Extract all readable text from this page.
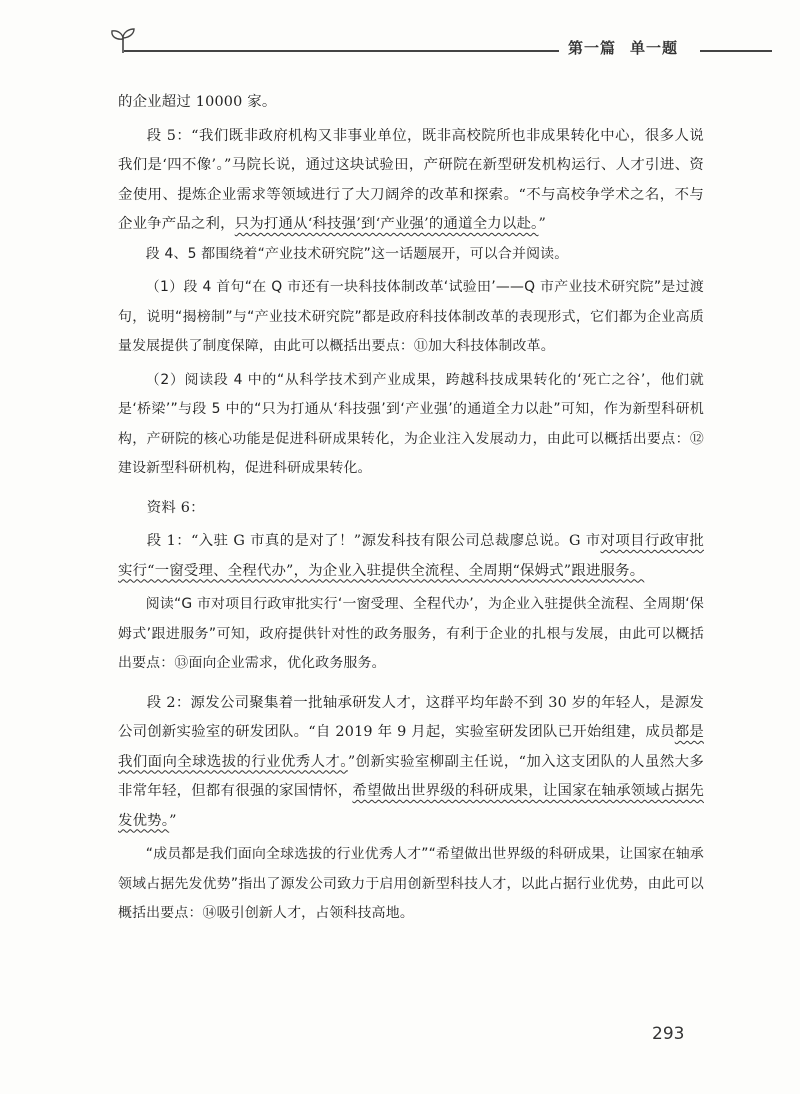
第一篇 单一题

的企业超过 10000 家。

段 5：“我们既非政府机构又非事业单位，既非高校院所也非成果转化中心，很多人说我们是‘四不像’。”马院长说，通过这块试验田，产研院在新型研发机构运行、人才引进、资金使用、提炼企业需求等领域进行了大刀阔斧的改革和探索。“不与高校争学术之名，不与企业争产品之利，只为打通从‘科技强’到‘产业强’的通道全力以赴。”

段 4、5 都围绕着“产业技术研究院”这一话题展开，可以合并阅读。

（1）段 4 首句“在 Q 市还有一块科技体制改革‘试验田’——Q 市产业技术研究院”是过渡句，说明“揭榜制”与“产业技术研究院”都是政府科技体制改革的表现形式，它们都为企业高质量发展提供了制度保障，由此可以概括出要点：⑪加大科技体制改革。

（2）阅读段 4 中的“从科学技术到产业成果，跨越科技成果转化的‘死亡之谷’，他们就是‘桥梁’”与段 5 中的“只为打通从‘科技强’到‘产业强’的通道全力以赴”可知，作为新型科研机构，产研院的核心功能是促进科研成果转化，为企业注入发展动力，由此可以概括出要点：⑫建设新型科研机构，促进科研成果转化。

资料 6：

段 1：“入驻 G 市真的是对了！”源发科技有限公司总裁廖总说。G 市对项目行政审批实行“一窗受理、全程代办”，为企业入驻提供全流程、全周期“保姆式”跟进服务。

阅读“G 市对项目行政审批实行‘一窗受理、全程代办’，为企业入驻提供全流程、全周期‘保姆式’跟进服务”可知，政府提供针对性的政务服务，有利于企业的扎根与发展，由此可以概括出要点：⑬面向企业需求，优化政务服务。

段 2：源发公司聚集着一批轴承研发人才，这群平均年龄不到 30 岁的年轻人，是源发公司创新实验室的研发团队。“自 2019 年 9 月起，实验室研发团队已开始组建，成员都是我们面向全球选拔的行业优秀人才。”创新实验室柳副主任说，“加入这支团队的人虽然大多非常年轻，但都有很强的家国情怀，希望做出世界级的科研成果，让国家在轴承领域占据先发优势。”

“成员都是我们面向全球选拔的行业优秀人才”“希望做出世界级的科研成果，让国家在轴承领域占据先发优势”指出了源发公司致力于启用创新型科技人才，以此占据行业优势，由此可以概括出要点：⑭吸引创新人才，占领科技高地。

293
